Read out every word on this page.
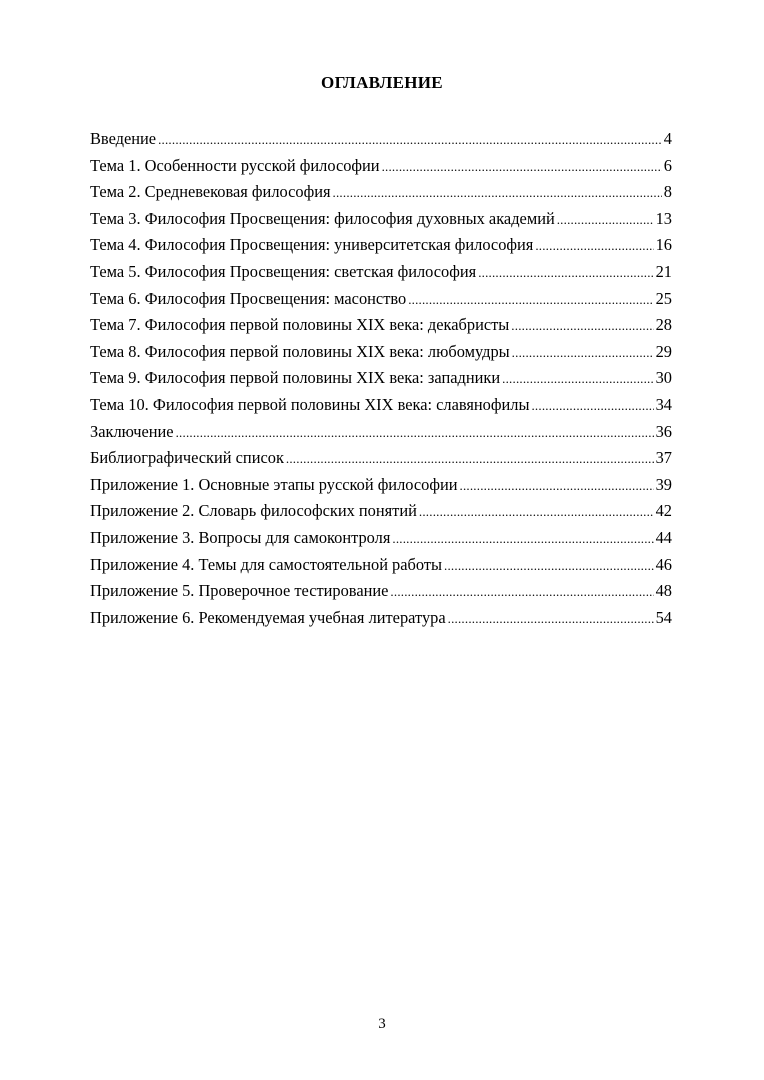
ОГЛАВЛЕНИЕ
Введение .....	4
Тема 1. Особенности русской философии .....	6
Тема 2. Средневековая философия .....	8
Тема 3. Философия Просвещения: философия духовных академий .....	13
Тема 4. Философия Просвещения: университетская философия .....	16
Тема 5. Философия Просвещения: светская философия .....	21
Тема 6. Философия Просвещения: масонство .....	25
Тема 7. Философия первой половины XIX века: декабристы .....	28
Тема 8. Философия первой половины XIX века: любомудры .....	29
Тема 9. Философия первой половины XIX века: западники .....	30
Тема 10. Философия первой половины XIX века: славянофилы .....	34
Заключение .....	36
Библиографический список .....	37
Приложение 1. Основные этапы русской философии .....	39
Приложение 2. Словарь философских понятий .....	42
Приложение 3. Вопросы для самоконтроля .....	44
Приложение 4. Темы для самостоятельной работы .....	46
Приложение 5. Проверочное тестирование .....	48
Приложение 6. Рекомендуемая учебная литература .....	54
3
